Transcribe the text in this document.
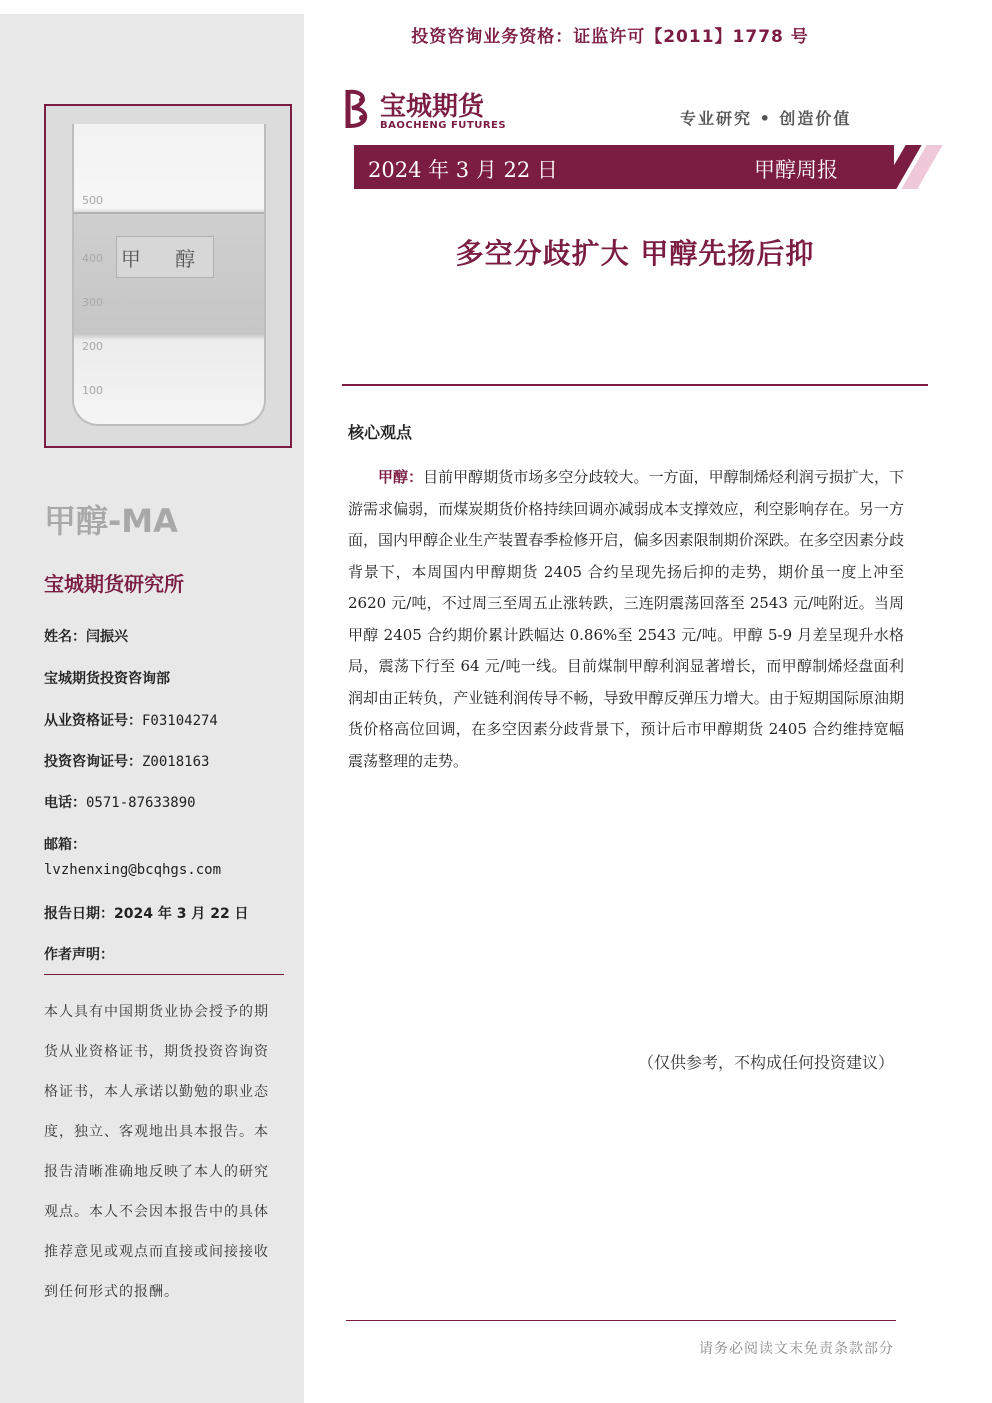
投资咨询业务资格：证监许可【2011】1778 号
500
400
300
200
100
甲 醇
甲醇-MA
宝城期货研究所
姓名：闫振兴
宝城期货投资咨询部
从业资格证号：F03104274
投资咨询证号：Z0018163
电话：0571-87633890
邮箱：
lvzhenxing@bcqhgs.com
报告日期：2024 年 3 月 22 日
作者声明：
本人具有中国期货业协会授予的期货从业资格证书，期货投资咨询资格证书，本人承诺以勤勉的职业态度，独立、客观地出具本报告。本报告清晰准确地反映了本人的研究观点。本人不会因本报告中的具体推荐意见或观点而直接或间接接收到任何形式的报酬。
宝城期货
BAOCHENG FUTURES	专业研究 • 创造价值
2024 年 3 月 22 日	甲醇周报
多空分歧扩大 甲醇先扬后抑
核心观点
甲醇：目前甲醇期货市场多空分歧较大。一方面，甲醇制烯烃利润亏损扩大，下游需求偏弱，而煤炭期货价格持续回调亦减弱成本支撑效应，利空影响存在。另一方面，国内甲醇企业生产装置春季检修开启，偏多因素限制期价深跌。在多空因素分歧背景下，本周国内甲醇期货 2405 合约呈现先扬后抑的走势，期价虽一度上冲至 2620 元/吨，不过周三至周五止涨转跌，三连阴震荡回落至 2543 元/吨附近。当周甲醇 2405 合约期价累计跌幅达 0.86%至 2543 元/吨。甲醇 5-9 月差呈现升水格局，震荡下行至 64 元/吨一线。目前煤制甲醇利润显著增长，而甲醇制烯烃盘面利润却由正转负，产业链利润传导不畅，导致甲醇反弹压力增大。由于短期国际原油期货价格高位回调，在多空因素分歧背景下，预计后市甲醇期货 2405 合约维持宽幅震荡整理的走势。
（仅供参考，不构成任何投资建议）
请务必阅读文末免责条款部分
